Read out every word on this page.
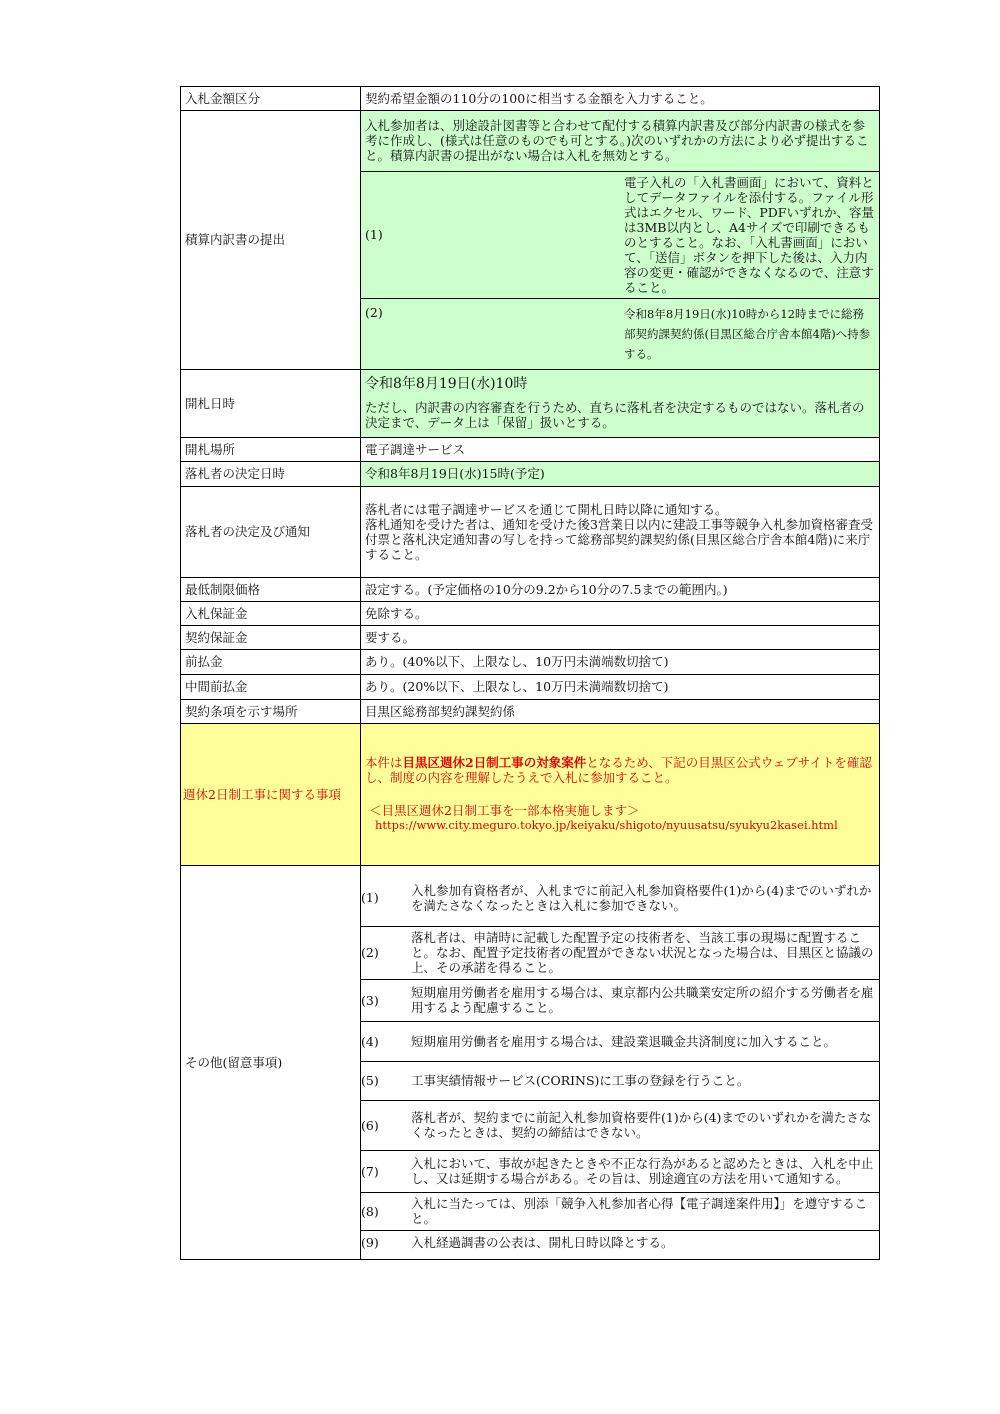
入札金額区分	契約希望金額の110分の100に相当する金額を入力すること。
積算内訳書の提出	
入札参加者は、別途設計図書等と合わせて配付する積算内訳書及び部分内訳書の様式を参考に作成し、(様式は任意のものでも可とする。)次のいずれかの方法により必ず提出すること。積算内訳書の提出がない場合は入札を無効とする。
(1)	電子入札の「入札書画面」において、資料としてデータファイルを添付する。ファイル形式はエクセル、ワード、PDFいずれか、容量は3MB以内とし、A4サイズで印刷できるものとすること。なお、「入札書画面」において、「送信」ボタンを押下した後は、入力内容の変更・確認ができなくなるので、注意すること。
(2)	令和8年8月19日(水)10時から12時までに総務部契約課契約係(目黒区総合庁舎本館4階)へ持参する。

開札日時	
令和8年8月19日(水)10時
ただし、内訳書の内容審査を行うため、直ちに落札者を決定するものではない。落札者の決定まで、データ上は「保留」扱いとする。

開札場所	電子調達サービス
落札者の決定日時	令和8年8月19日(水)15時(予定)
落札者の決定及び通知	
落札者には電子調達サービスを通じて開札日時以降に通知する。
落札通知を受けた者は、通知を受けた後3営業日以内に建設工事等競争入札参加資格審査受付票と落札決定通知書の写しを持って総務部契約課契約係(目黒区総合庁舎本館4階)に来庁すること。

最低制限価格	設定する。(予定価格の10分の9.2から10分の7.5までの範囲内。)
入札保証金	免除する。
契約保証金	要する。
前払金	あり。(40%以下、上限なし、10万円未満端数切捨て)
中間前払金	あり。(20%以下、上限なし、10万円未満端数切捨て)
契約条項を示す場所	目黒区総務部契約課契約係
週休2日制工事に関する事項	
本件は目黒区週休2日制工事の対象案件となるため、下記の目黒区公式ウェブサイトを確認し、制度の内容を理解したうえで入札に参加すること。
＜目黒区週休2日制工事を一部本格実施します＞
https://www.city.meguro.tokyo.jp/keiyaku/shigoto/nyuusatsu/syukyu2kasei.html

その他(留意事項)	
(1)	入札参加有資格者が、入札までに前記入札参加資格要件(1)から(4)までのいずれかを満たさなくなったときは入札に参加できない。
(2)	落札者は、申請時に記載した配置予定の技術者を、当該工事の現場に配置すること。なお、配置予定技術者の配置ができない状況となった場合は、目黒区と協議の上、その承諾を得ること。
(3)	短期雇用労働者を雇用する場合は、東京都内公共職業安定所の紹介する労働者を雇用するよう配慮すること。
(4)	短期雇用労働者を雇用する場合は、建設業退職金共済制度に加入すること。
(5)	工事実績情報サービス(CORINS)に工事の登録を行うこと。
(6)	落札者が、契約までに前記入札参加資格要件(1)から(4)までのいずれかを満たさなくなったときは、契約の締結はできない。
(7)	入札において、事故が起きたときや不正な行為があると認めたときは、入札を中止し、又は延期する場合がある。その旨は、別途適宜の方法を用いて通知する。
(8)	入札に当たっては、別添「競争入札参加者心得【電子調達案件用】」を遵守すること。
(9)	入札経過調書の公表は、開札日時以降とする。
